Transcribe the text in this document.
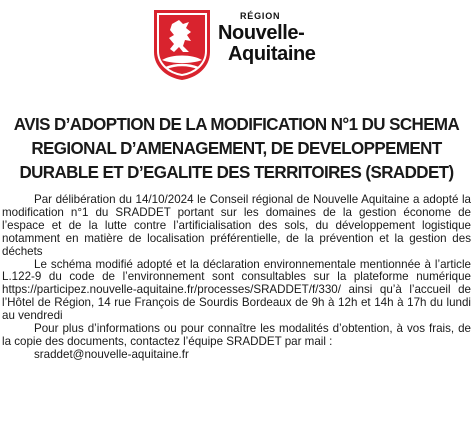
RÉGION
Nouvelle-
Aquitaine
AVIS D’ADOPTION DE LA MODIFICATION N°1 DU SCHEMA
REGIONAL D’AMENAGEMENT, DE DEVELOPPEMENT
DURABLE ET D’EGALITE DES TERRITOIRES (SRADDET)

Par délibération du 14/10/2024 le Conseil régional de Nouvelle Aquitaine a adopté la modification n°1 du SRADDET portant sur les domaines de la gestion économe de l’espace et de la lutte contre l’artificialisation des sols, du développement logistique notamment en matière de localisation préférentielle, de la prévention et la gestion des déchets

Le schéma modifié adopté et la déclaration environnementale mentionnée à l’article L.122-9 du code de l’environnement sont consultables sur la plateforme numérique https://participez.nouvelle-aquitaine.fr/processes/SRADDET/f/330/ ainsi qu’à l’accueil de l’Hôtel de Région, 14 rue François de Sourdis Bordeaux de 9h à 12h et 14h à 17h du lundi au vendredi

Pour plus d’informations ou pour connaître les modalités d’obtention, à vos frais, de la copie des documents, contactez l’équipe SRADDET par mail :

sraddet@nouvelle-aquitaine.fr
